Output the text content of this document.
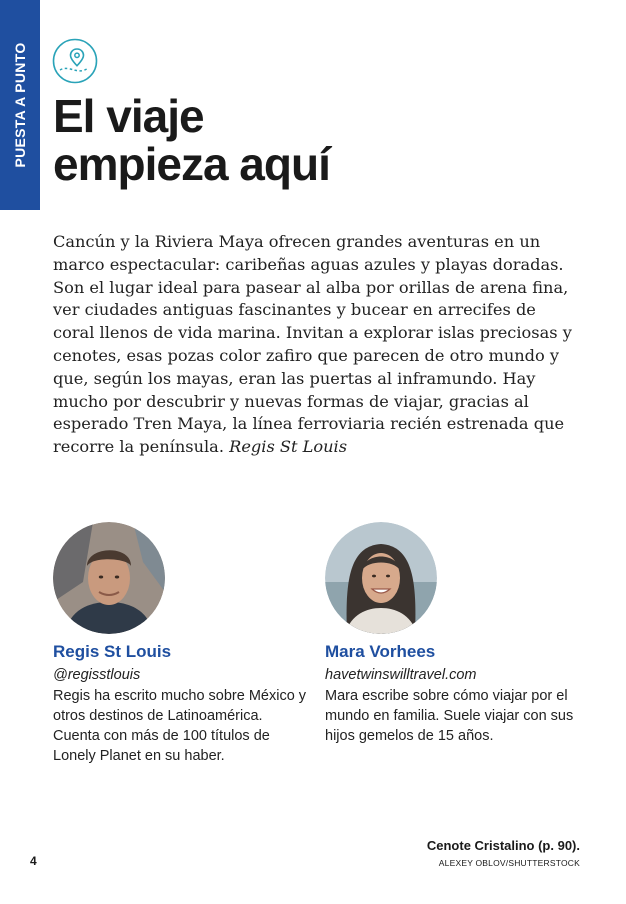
PUESTA A PUNTO El viaje
empieza aquí

Cancún y la Riviera Maya ofrecen grandes aventuras en un marco espectacular: caribeñas aguas azules y playas doradas. Son el lugar ideal para pasear al alba por orillas de arena fina, ver ciudades antiguas fascinantes y bucear en arrecifes de coral llenos de vida marina. Invitan a explorar islas preciosas y cenotes, esas pozas color zafiro que parecen de otro mundo y que, según los mayas, eran las puertas al inframundo. Hay mucho por descubrir y nuevas formas de viajar, gracias al esperado Tren Maya, la línea ferroviaria recién estrenada que recorre la península. Regis St Louis

Regis St Louis
@regisstlouis
Regis ha escrito mucho sobre México y otros destinos de Latinoamérica. Cuenta con más de 100 títulos de Lonely Planet en su haber.
Mara Vorhees
havetwinswilltravel.com
Mara escribe sobre cómo viajar por el mundo en familia. Suele viajar con sus hijos gemelos de 15 años.
4
Cenote Cristalino (p. 90).
ALEXEY OBLOV/SHUTTERSTOCK
